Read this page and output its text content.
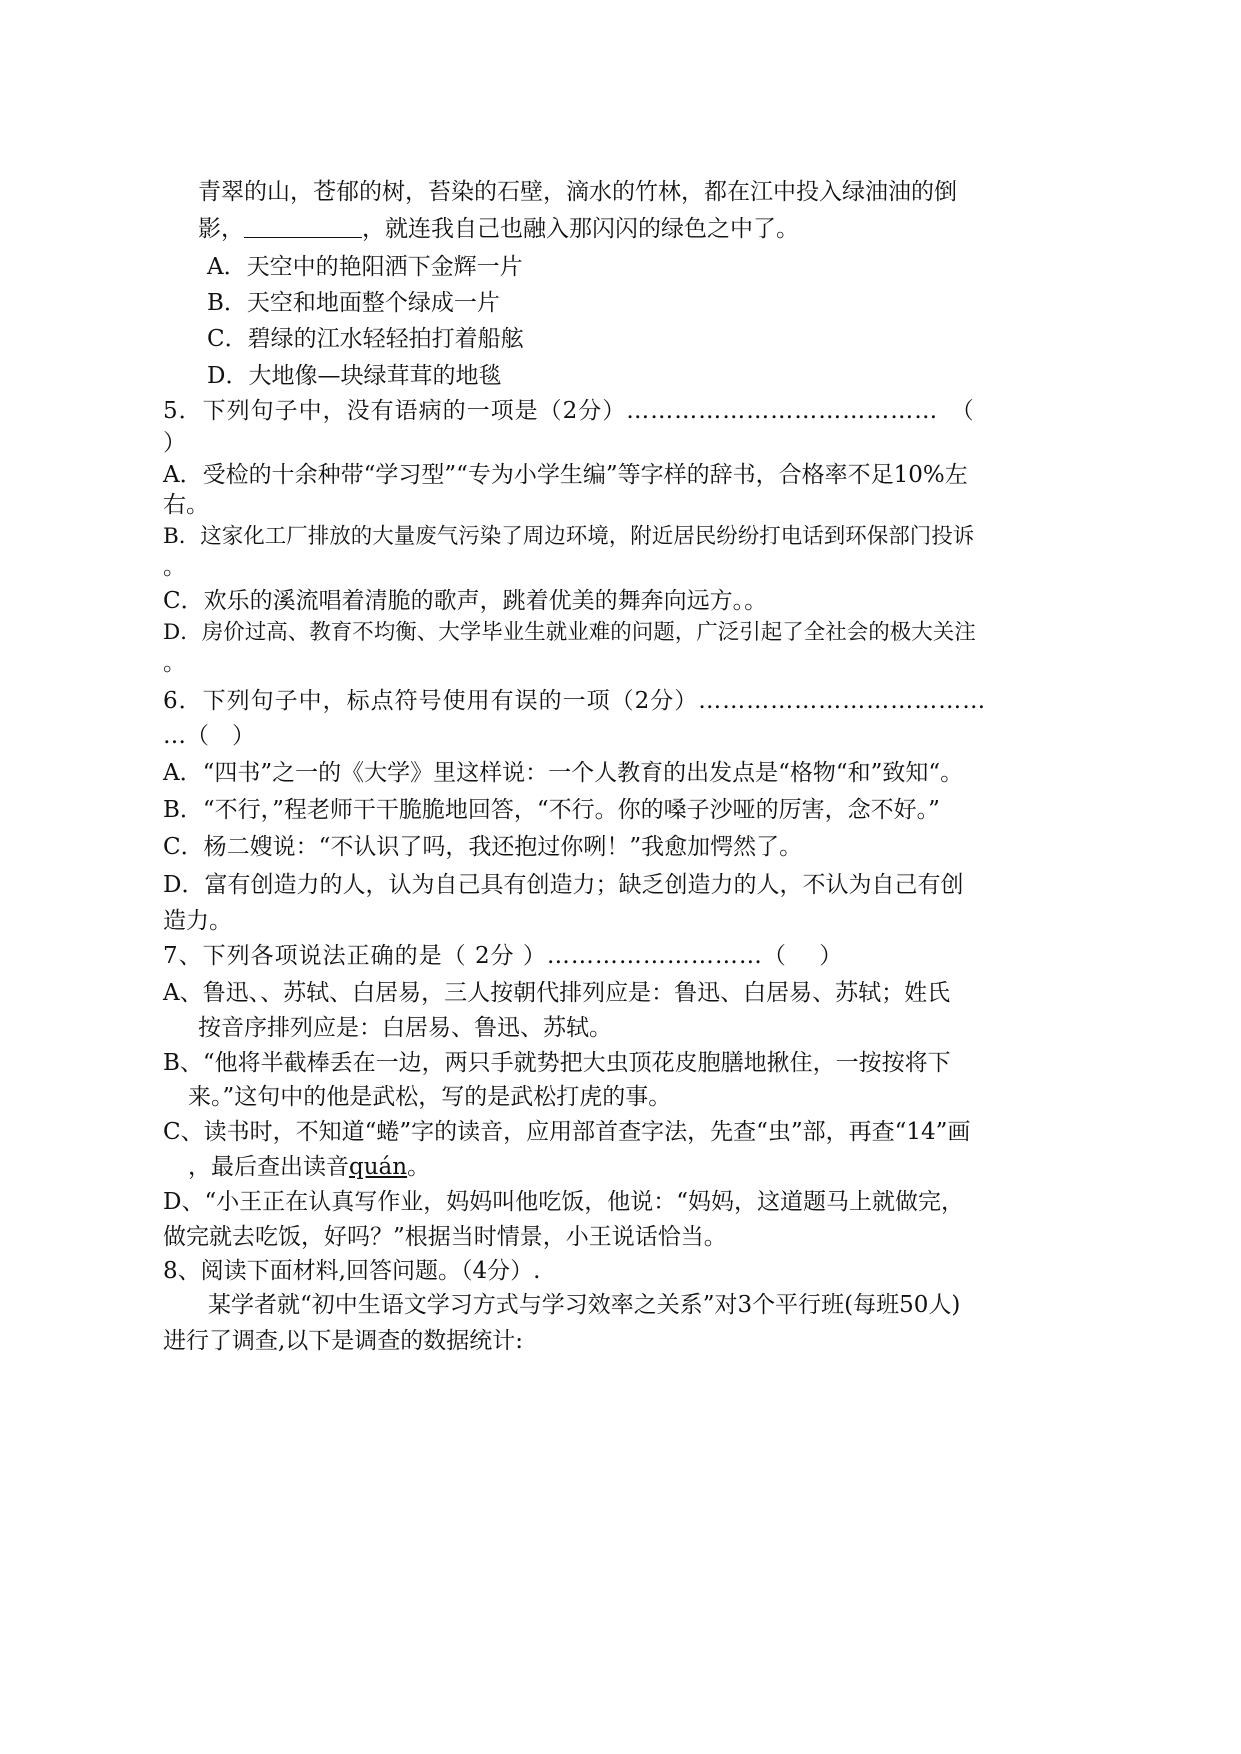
青翠的山，苍郁的树，苔染的石壁，滴水的竹林，都在江中投入绿油油的倒

影，	，就连我自己也融入那闪闪的绿色之中了。

A．天空中的艳阳洒下金辉一片

B．天空和地面整个绿成一片

C．碧绿的江水轻轻拍打着船舷

D．大地像—块绿茸茸的地毯

5．下列句子中，没有语病的一项是（2分）…………………………………　（

）

A．受检的十余种带“学习型”“专为小学生编”等字样的辞书，合格率不足10%左

右。

B．这家化工厂排放的大量废气污染了周边环境，附近居民纷纷打电话到环保部门投诉

。

C．欢乐的溪流唱着清脆的歌声，跳着优美的舞奔向远方。。

D．房价过高、教育不均衡、大学毕业生就业难的问题，广泛引起了全社会的极大关注

。

6．下列句子中，标点符号使用有误的一项（2分）………………………………

…（　）

A．“四书”之一的《大学》里这样说：一个人教育的出发点是“格物“和”致知“。

B．“不行，”程老师干干脆脆地回答，“不行。你的嗓子沙哑的厉害，念不好。”

C．杨二嫂说：“不认识了吗，我还抱过你咧！”我愈加愕然了。

D．富有创造力的人，认为自己具有创造力；缺乏创造力的人，不认为自己有创

造力。

7、下列各项说法正确的是（ 2分 ）………………………（　 ）

A、鲁迅、、苏轼、白居易，三人按朝代排列应是：鲁迅、白居易、苏轼；姓氏

按音序排列应是：白居易、鲁迅、苏轼。

B、“他将半截棒丢在一边，两只手就势把大虫顶花皮胞膳地揪住，一按按将下

来。”这句中的他是武松，写的是武松打虎的事。

C、读书时，不知道“蜷”字的读音，应用部首查字法，先查“虫”部，再查“14”画

，最后查出读音quán。

D、“小王正在认真写作业，妈妈叫他吃饭，他说：“妈妈，这道题马上就做完，

做完就去吃饭，好吗？”根据当时情景，小王说话恰当。

8、阅读下面材料,回答问题。（4分）.

某学者就“初中生语文学习方式与学习效率之关系”对3个平行班(每班50人)

进行了调查,以下是调查的数据统计:
